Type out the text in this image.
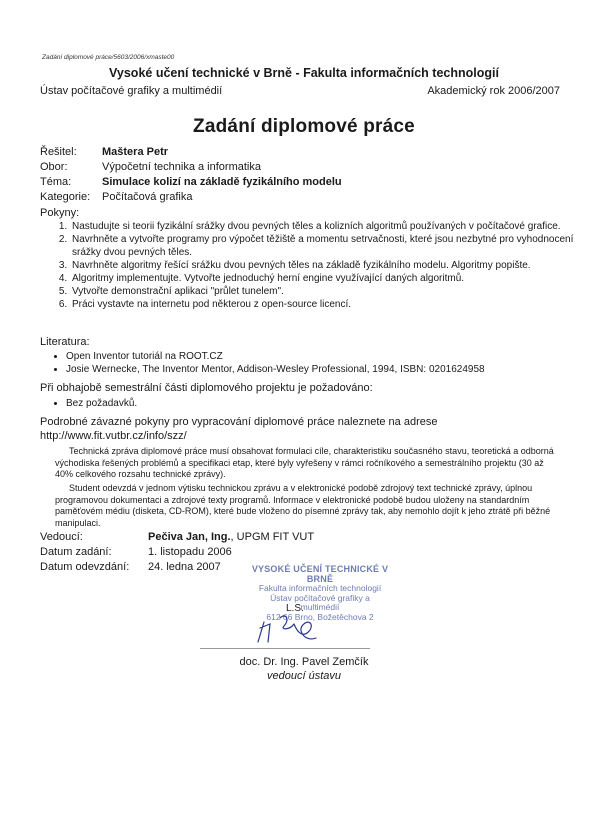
Zadání diplomové práce/5603/2006/xmaste00
Vysoké učení technické v Brně - Fakulta informačních technologií
Ústav počítačové grafiky a multimédií	Akademický rok 2006/2007
Zadání diplomové práce
Řešitel: Maštera Petr
Obor:	Výpočetní technika a informatika
Téma:	Simulace kolizí na základě fyzikálního modelu
Kategorie: Počítačová grafika
Pokyny:
1. Nastudujte si teorii fyzikální srážky dvou pevných těles a kolizních algoritmů používaných v počítačové grafice.
2. Navrhněte a vytvořte programy pro výpočet těžiště a momentu setrvačnosti, které jsou nezbytné pro vyhodnocení srážky dvou pevných těles.
3. Navrhněte algoritmy řešící srážku dvou pevných těles na základě fyzikálního modelu. Algoritmy popište.
4. Algoritmy implementujte. Vytvořte jednoduchý herní engine využívající daných algoritmů.
5. Vytvořte demonstrační aplikaci "průlet tunelem".
6. Práci vystavte na internetu pod některou z open-source licencí.
Literatura:
• Open Inventor tutoriál na ROOT.CZ
• Josie Wernecke, The Inventor Mentor, Addison-Wesley Professional, 1994, ISBN: 0201624958
Při obhajobě semestrální části diplomového projektu je požadováno:
• Bez požadavků.
Podrobné závazné pokyny pro vypracování diplomové práce naleznete na adrese http://www.fit.vutbr.cz/info/szz/
Technická zpráva diplomové práce musí obsahovat formulaci cíle, charakteristiku současného stavu, teoretická a odborná východiska řešených problémů a specifikaci etap, které byly vyřešeny v rámci ročníkového a semestrálního projektu (30 až 40% celkového rozsahu technické zprávy).
Student odevzdá v jednom výtisku technickou zprávu a v elektronické podobě zdrojový text technické zprávy, úplnou programovou dokumentaci a zdrojové texty programů. Informace v elektronické podobě budou uloženy na standardním paměťovém médiu (disketa, CD-ROM), které bude vloženo do písemné zprávy tak, aby nemohlo dojít k jeho ztrátě při běžné manipulaci.
Vedoucí:	Pečiva Jan, Ing., UPGM FIT VUT
Datum zadání:	1. listopadu 2006
Datum odevzdání: 24. ledna 2007	VYSOKÉ UČENÍ TECHNICKÉ V BRNĚ
Fakulta informačních technologií
Ústav počítačové grafiky a multimédií
612 66 Brno, Božetěchova 2
L.S.
doc. Dr. Ing. Pavel Zemčík
vedoucí ústavu
